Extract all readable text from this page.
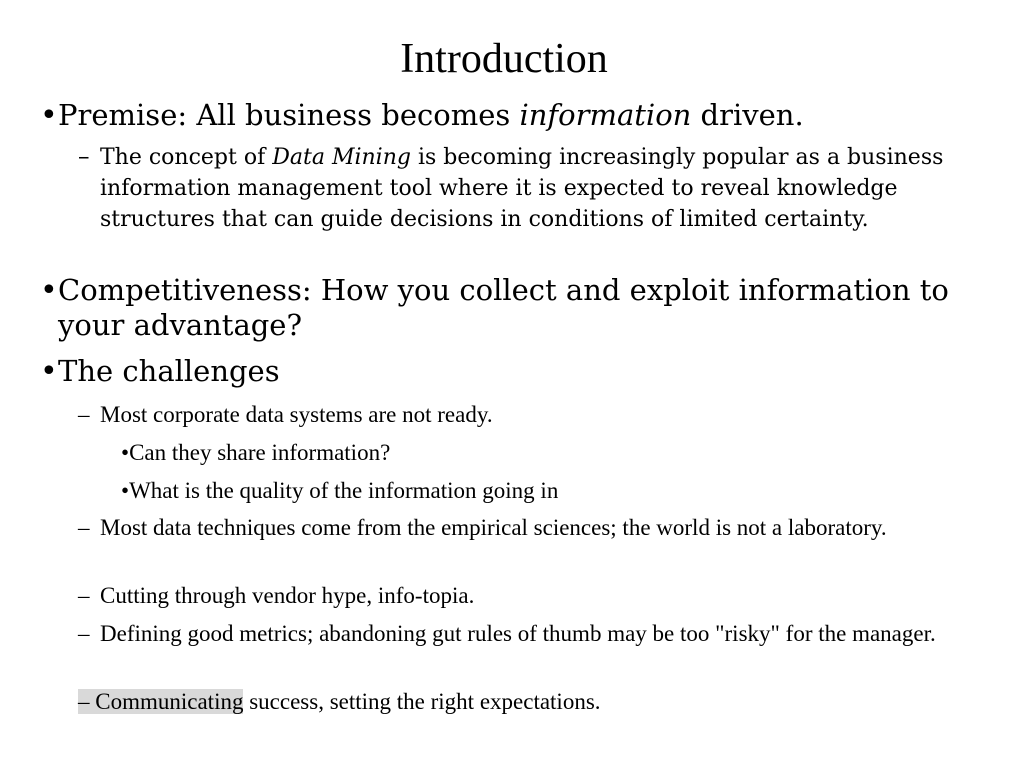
Introduction
•Premise: All business becomes information driven.
– The concept of Data Mining is becoming increasingly popular as a business information management tool where it is expected to reveal knowledge structures that can guide decisions in conditions of limited certainty.
•Competitiveness: How you collect and exploit information to your advantage?
•The challenges
–Most corporate data systems are not ready.
•Can they share information?
•What is the quality of the information going in
– Most data techniques come from the empirical sciences; the world is not a laboratory.
– Cutting through vendor hype, info-topia.
– Defining good metrics; abandoning gut rules of thumb may be too "risky" for the manager.
– Communicating success, setting the right expectations.
